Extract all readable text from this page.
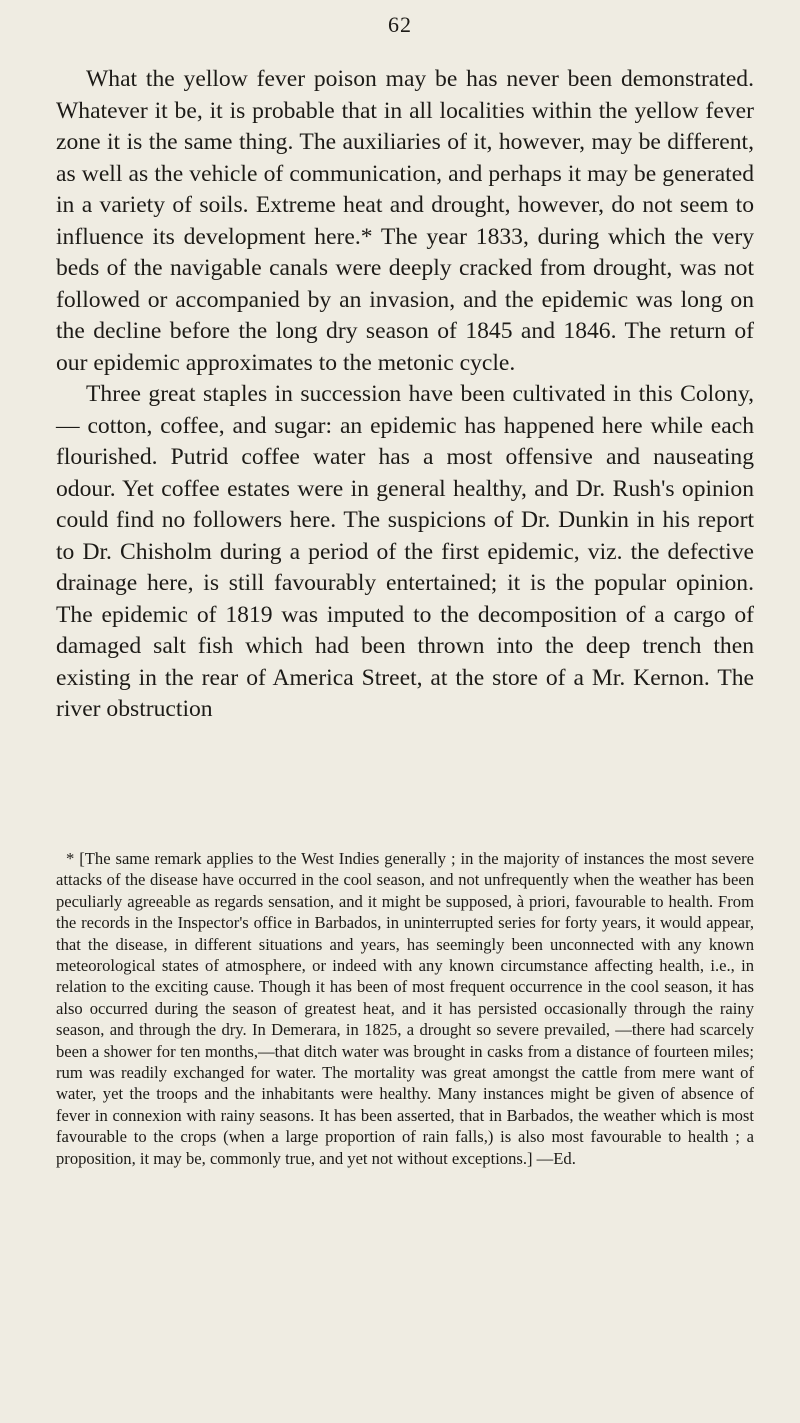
62

What the yellow fever poison may be has never been demonstrated. Whatever it be, it is probable that in all localities within the yellow fever zone it is the same thing. The auxiliaries of it, however, may be different, as well as the vehicle of communication, and perhaps it may be generated in a variety of soils. Extreme heat and drought, however, do not seem to influence its development here.* The year 1833, during which the very beds of the navigable canals were deeply cracked from drought, was not followed or accompanied by an invasion, and the epidemic was long on the decline before the long dry season of 1845 and 1846. The return of our epidemic approximates to the metonic cycle.

Three great staples in succession have been cultivated in this Colony, — cotton, coffee, and sugar: an epidemic has happened here while each flourished. Putrid coffee water has a most offensive and nauseating odour. Yet coffee estates were in general healthy, and Dr. Rush's opinion could find no followers here. The suspicions of Dr. Dunkin in his report to Dr. Chisholm during a period of the first epidemic, viz. the defective drainage here, is still favourably entertained; it is the popular opinion. The epidemic of 1819 was imputed to the decomposition of a cargo of damaged salt fish which had been thrown into the deep trench then existing in the rear of America Street, at the store of a Mr. Kernon. The river obstruction

* [The same remark applies to the West Indies generally ; in the majority of instances the most severe attacks of the disease have occurred in the cool season, and not unfrequently when the weather has been peculiarly agreeable as regards sensation, and it might be supposed, à priori, favourable to health. From the records in the Inspector's office in Barbados, in uninterrupted series for forty years, it would appear, that the disease, in different situations and years, has seemingly been unconnected with any known meteorological states of atmosphere, or indeed with any known circumstance affecting health, i.e., in relation to the exciting cause. Though it has been of most frequent occurrence in the cool season, it has also occurred during the season of greatest heat, and it has persisted occasionally through the rainy season, and through the dry. In Demerara, in 1825, a drought so severe prevailed, —there had scarcely been a shower for ten months,—that ditch water was brought in casks from a distance of fourteen miles; rum was readily exchanged for water. The mortality was great amongst the cattle from mere want of water, yet the troops and the inhabitants were healthy. Many instances might be given of absence of fever in connexion with rainy seasons. It has been asserted, that in Barbados, the weather which is most favourable to the crops (when a large proportion of rain falls,) is also most favourable to health ; a proposition, it may be, commonly true, and yet not without exceptions.] —Ed.
